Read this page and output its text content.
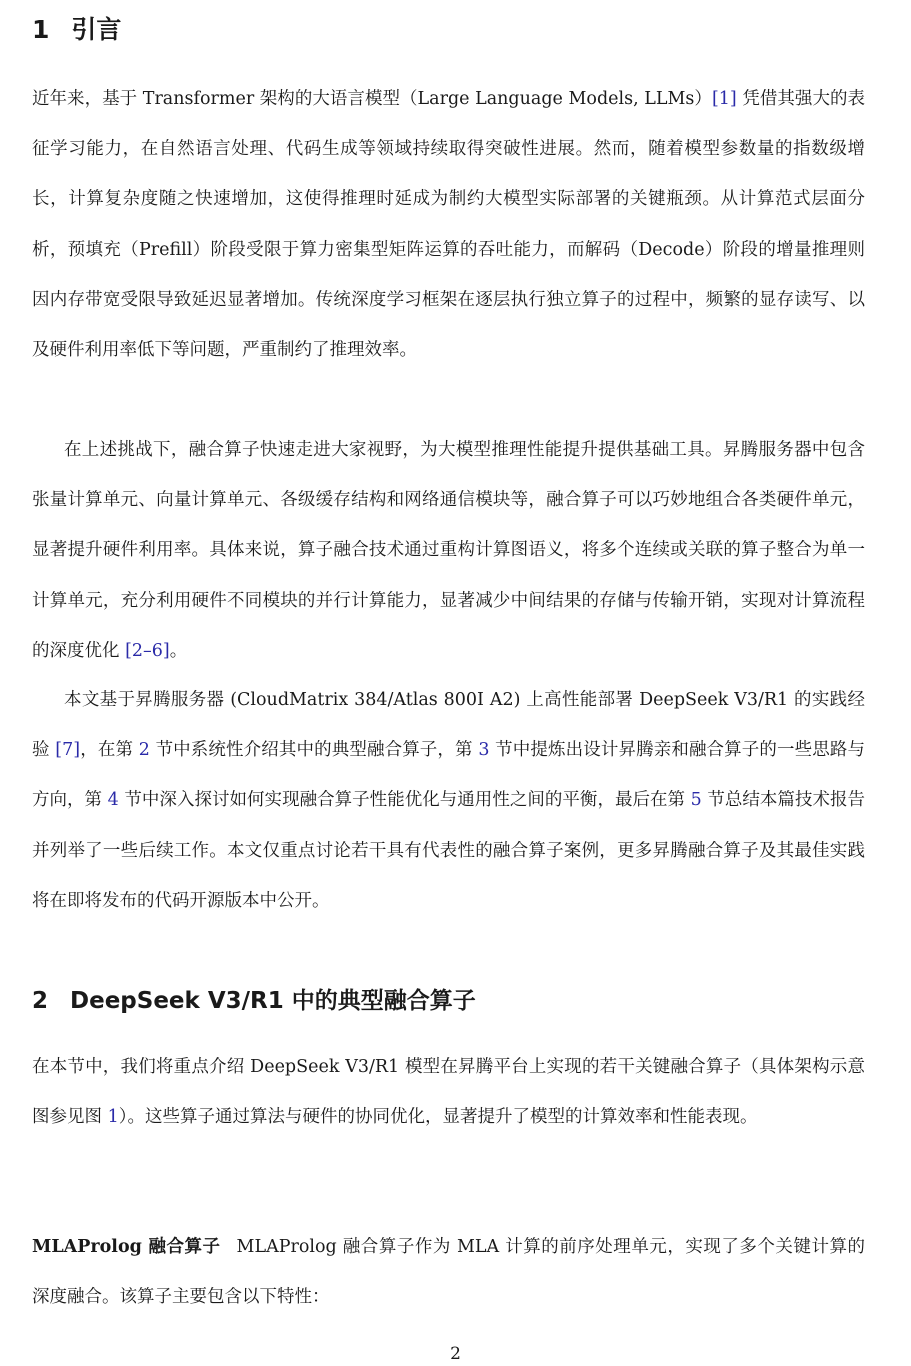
1 引言

近年来，基于 Transformer 架构的大语言模型（Large Language Models, LLMs）[1] 凭借其强大的表征学习能力，在自然语言处理、代码生成等领域持续取得突破性进展。然而，随着模型参数量的指数级增长，计算复杂度随之快速增加，这使得推理时延成为制约大模型实际部署的关键瓶颈。从计算范式层面分析，预填充（Prefill）阶段受限于算力密集型矩阵运算的吞吐能力，而解码（Decode）阶段的增量推理则因内存带宽受限导致延迟显著增加。传统深度学习框架在逐层执行独立算子的过程中，频繁的显存读写、以及硬件利用率低下等问题，严重制约了推理效率。

在上述挑战下，融合算子快速走进大家视野，为大模型推理性能提升提供基础工具。昇腾服务器中包含张量计算单元、向量计算单元、各级缓存结构和网络通信模块等，融合算子可以巧妙地组合各类硬件单元，显著提升硬件利用率。具体来说，算子融合技术通过重构计算图语义，将多个连续或关联的算子整合为单一计算单元，充分利用硬件不同模块的并行计算能力，显著减少中间结果的存储与传输开销，实现对计算流程的深度优化 [2–6]。

本文基于昇腾服务器 (CloudMatrix 384/Atlas 800I A2) 上高性能部署 DeepSeek V3/R1 的实践经验 [7]，在第 2 节中系统性介绍其中的典型融合算子，第 3 节中提炼出设计昇腾亲和融合算子的一些思路与方向，第 4 节中深入探讨如何实现融合算子性能优化与通用性之间的平衡，最后在第 5 节总结本篇技术报告并列举了一些后续工作。本文仅重点讨论若干具有代表性的融合算子案例，更多昇腾融合算子及其最佳实践将在即将发布的代码开源版本中公开。

2 DeepSeek V3/R1 中的典型融合算子

在本节中，我们将重点介绍 DeepSeek V3/R1 模型在昇腾平台上实现的若干关键融合算子（具体架构示意图参见图 1）。这些算子通过算法与硬件的协同优化，显著提升了模型的计算效率和性能表现。

MLAProlog 融合算子 MLAProlog 融合算子作为 MLA 计算的前序处理单元，实现了多个关键计算的深度融合。该算子主要包含以下特性：

2
